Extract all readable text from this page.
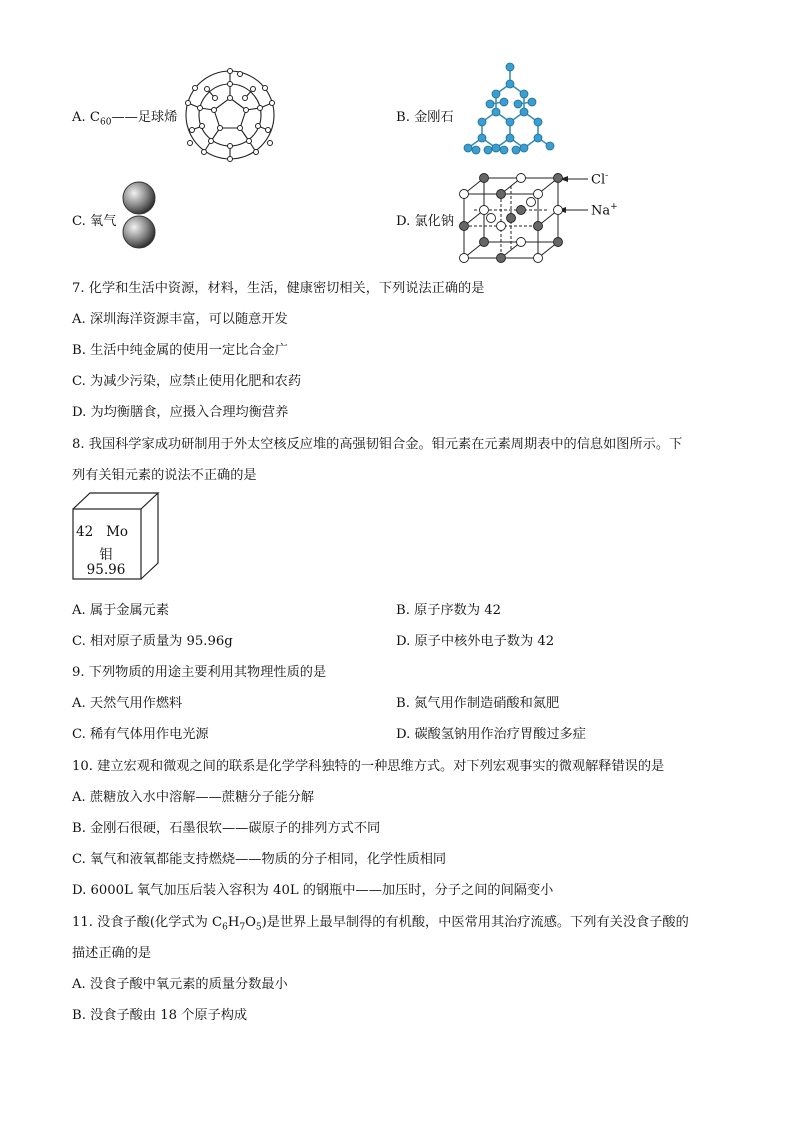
A. $C_{60}——$足球烯	B. 金刚石
C. 氧气	D. 氯化钠
Cl-
Na+
7. 化学和生活中资源，材料，生活，健康密切相关，下列说法正确的是
A. 深圳海洋资源丰富，可以随意开发
B. 生活中纯金属的使用一定比合金广
C. 为减少污染，应禁止使用化肥和农药
D. 为均衡膳食，应摄入合理均衡营养
8. 我国科学家成功研制用于外太空核反应堆的高强韧钼合金。钼元素在元素周期表中的信息如图所示。下
列有关钼元素的说法不正确的是
42 Mo
钼
95.96
A. 属于金属元素	B. 原子序数为 42
C. 相对原子质量为 95.96g	D. 原子中核外电子数为 42
9. 下列物质的用途主要利用其物理性质的是
A. 天然气用作燃料	B. 氮气用作制造硝酸和氮肥
C. 稀有气体用作电光源	D. 碳酸氢钠用作治疗胃酸过多症
10. 建立宏观和微观之间的联系是化学学科独特的一种思维方式。对下列宏观事实的微观解释错误的是
A. 蔗糖放入水中溶解——蔗糖分子能分解
B. 金刚石很硬，石墨很软——碳原子的排列方式不同
C. 氧气和液氧都能支持燃烧——物质的分子相同，化学性质相同
D. 6000L 氧气加压后装入容积为 40L 的钢瓶中——加压时，分子之间的间隔变小
11. 没食子酸(化学式为 $C_6H_7O_5$)是世界上最早制得的有机酸，中医常用其治疗流感。下列有关没食子酸的
描述正确的是
A. 没食子酸中氧元素的质量分数最小
B. 没食子酸由 18 个原子构成
